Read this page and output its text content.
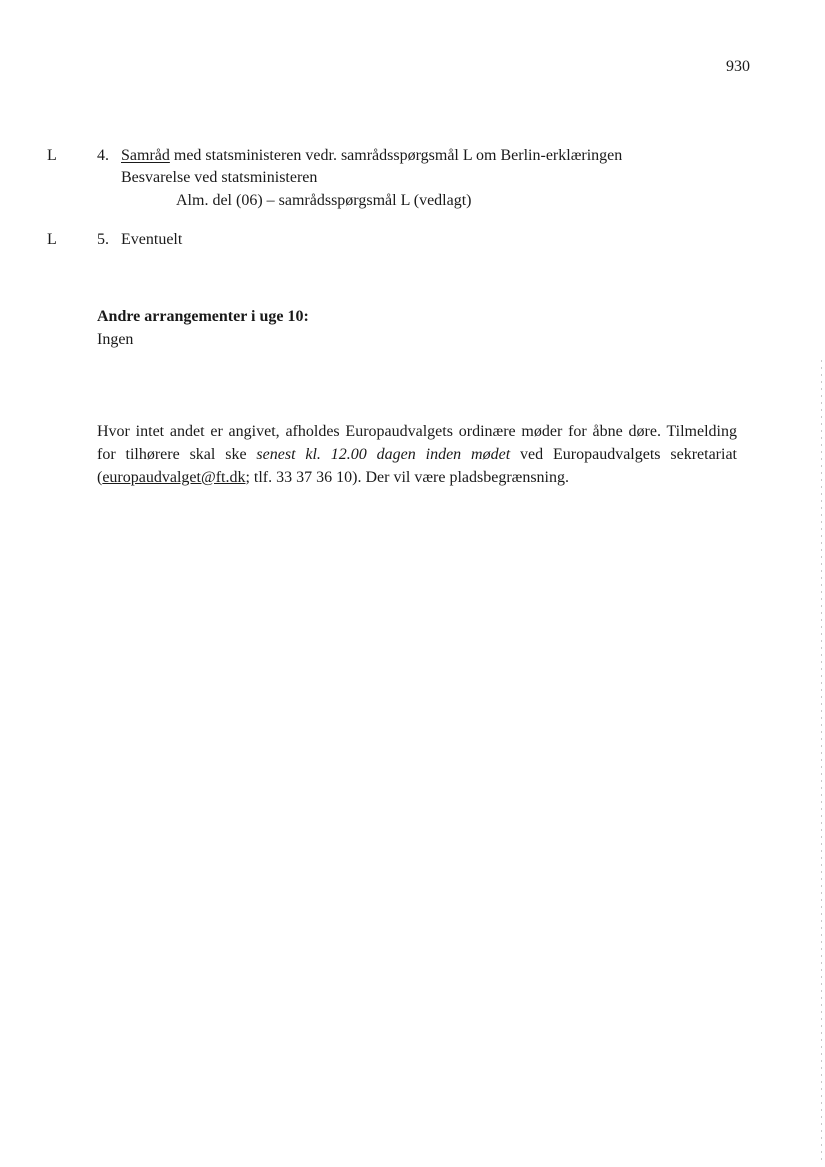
930
L	4. Samråd med statsministeren vedr. samrådsspørgsmål L om Berlin-erklæringen
Besvarelse ved statsministeren
Alm. del (06) – samrådsspørgsmål L (vedlagt)
L	5. Eventuelt
Andre arrangementer i uge 10:
Ingen
Hvor intet andet er angivet, afholdes Europaudvalgets ordinære møder for åbne døre. Tilmelding for tilhørere skal ske senest kl. 12.00 dagen inden mødet ved Europaudvalgets sekretariat (europaudvalget@ft.dk; tlf. 33 37 36 10). Der vil være pladsbegrænsning.
